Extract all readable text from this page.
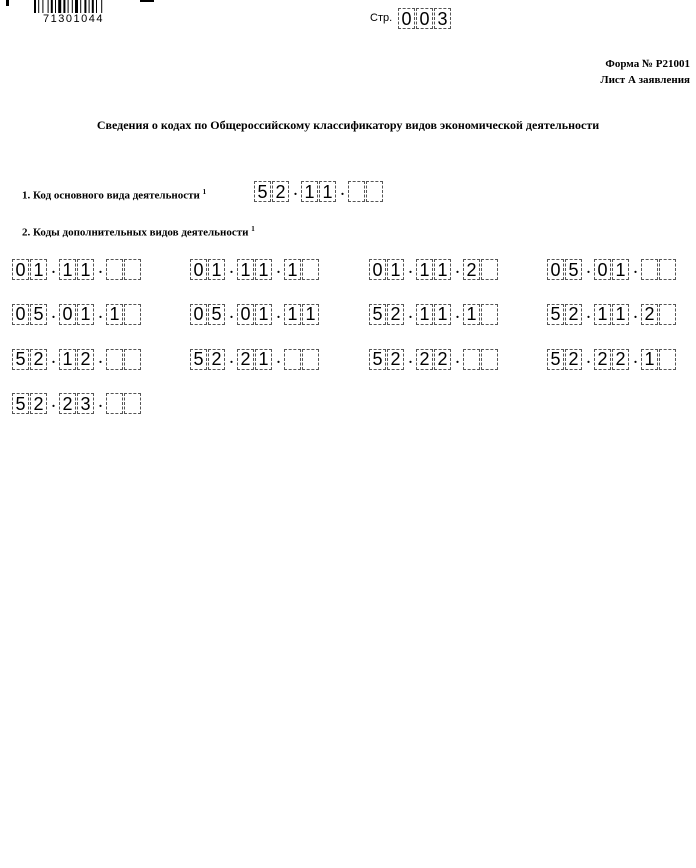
71301044	Стр. 0 0 3
Форма № Р21001
Лист А заявления
Сведения о кодах по Общероссийскому классификатору видов экономической деятельности
1. Код основного вида деятельности $^1$	5 2 . 1 1 .
2. Коды дополнительных видов деятельности $^1$
0 1 . 1 1 .	0 1 . 1 1 . 1	0 1 . 1 1 . 2	0 5 . 0 1 .
0 5 . 0 1 . 1	0 5 . 0 1 . 1 1	5 2 . 1 1 . 1	5 2 . 1 1 . 2
5 2 . 1 2 .	5 2 . 2 1 .	5 2 . 2 2 .	5 2 . 2 2 . 1
5 2 . 2 3 .
